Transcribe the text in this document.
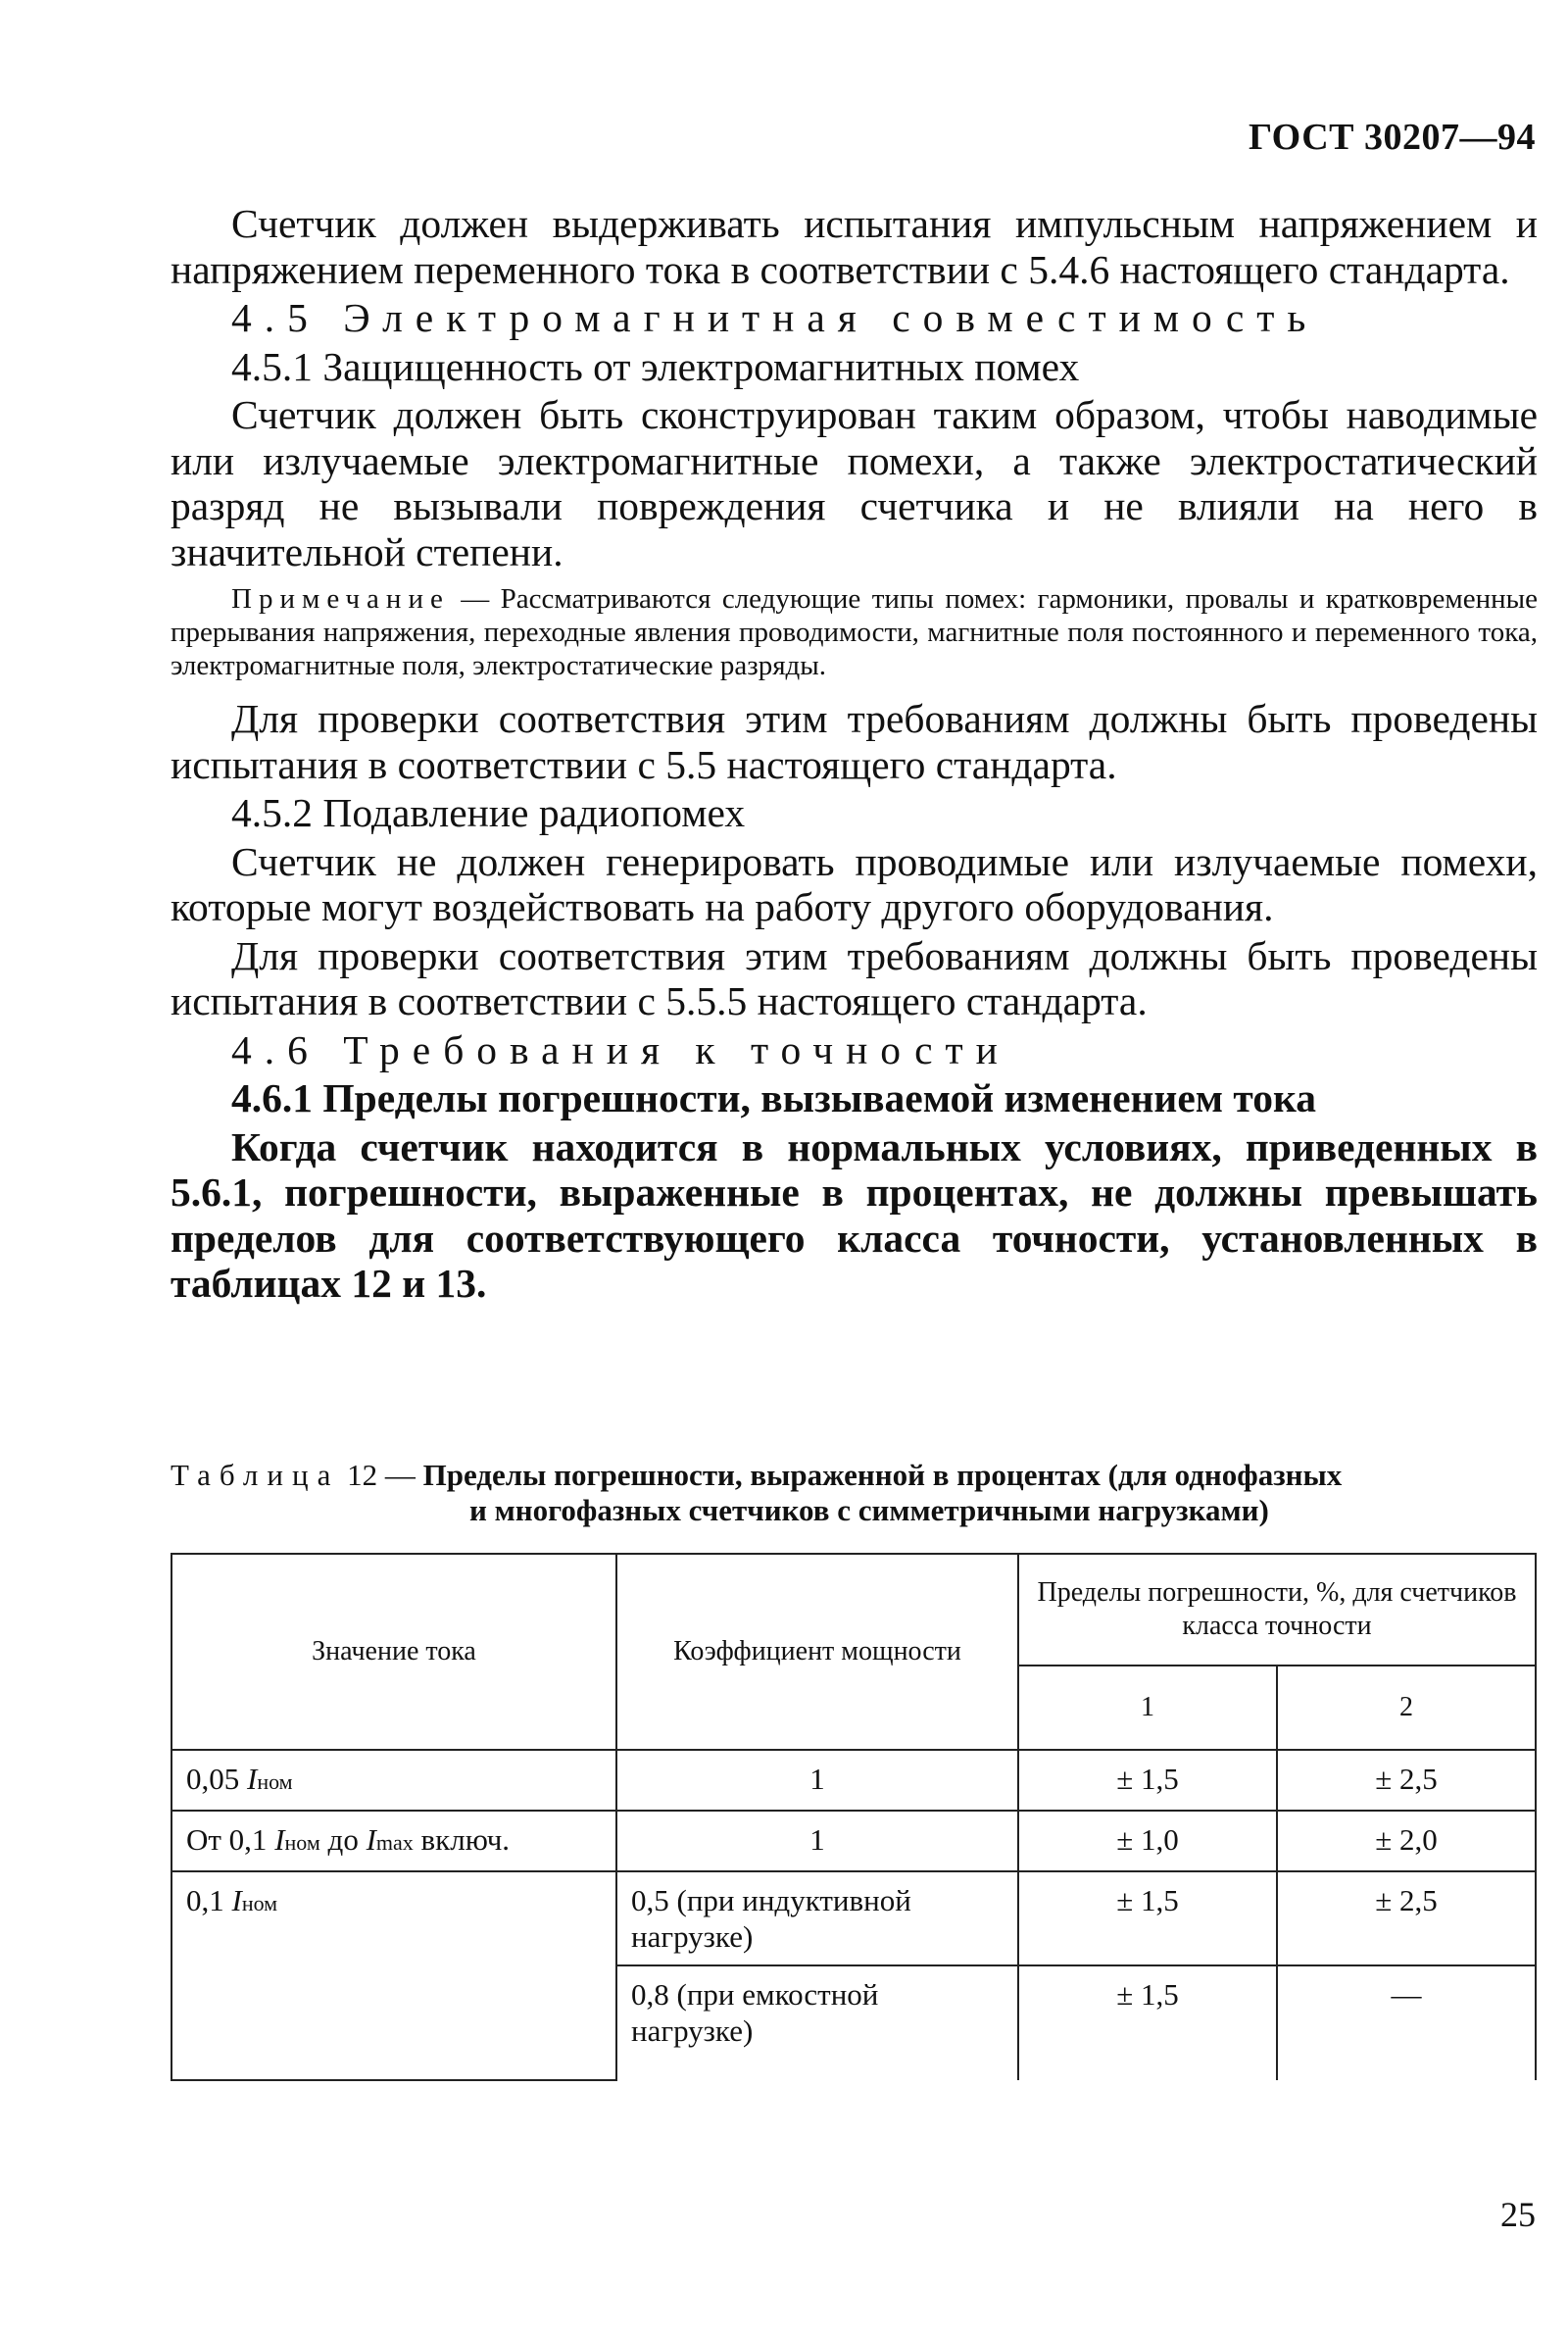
ГОСТ 30207—94

Счетчик должен выдерживать испытания импульсным напряжением и напряжением переменного тока в соответствии с 5.4.6 настоящего стандарта.

4.5 Электромагнитная совместимость

4.5.1 Защищенность от электромагнитных помех

Счетчик должен быть сконструирован таким образом, чтобы наводимые или излучаемые электромагнитные помехи, а также электростатический разряд не вызывали повреждения счетчика и не влияли на него в значительной степени.

Примечание — Рассматриваются следующие типы помех: гармоники, провалы и кратковременные прерывания напряжения, переходные явления проводимости, магнитные поля постоянного и переменного тока, электромагнитные поля, электростатические разряды.

Для проверки соответствия этим требованиям должны быть проведены испытания в соответствии с 5.5 настоящего стандарта.

4.5.2 Подавление радиопомех

Счетчик не должен генерировать проводимые или излучаемые помехи, которые могут воздействовать на работу другого оборудования.

Для проверки соответствия этим требованиям должны быть проведены испытания в соответствии с 5.5.5 настоящего стандарта.

4.6 Требования к точности

4.6.1 Пределы погрешности, вызываемой изменением тока

Когда счетчик находится в нормальных условиях, приведенных в 5.6.1, погрешности, выраженные в процентах, не должны превышать пределов для соответствующего класса точности, установленных в таблицах 12 и 13.

Таблица 12 — Пределы погрешности, выраженной в процентах (для однофазных
и многофазных счетчиков с симметричными нагрузками)
Значение тока	Коэффициент мощности	Пределы погрешности, %, для счетчиков класса точности	
		1	2
0,05 Iном	1	± 1,5	± 2,5
От 0,1 Iном до Imax включ.	1	± 1,0	± 2,0
0,1 Iном	0,5 (при индуктивной нагрузке)	± 1,5	± 2,5
	0,8 (при емкостной нагрузке)	± 1,5	—
25
